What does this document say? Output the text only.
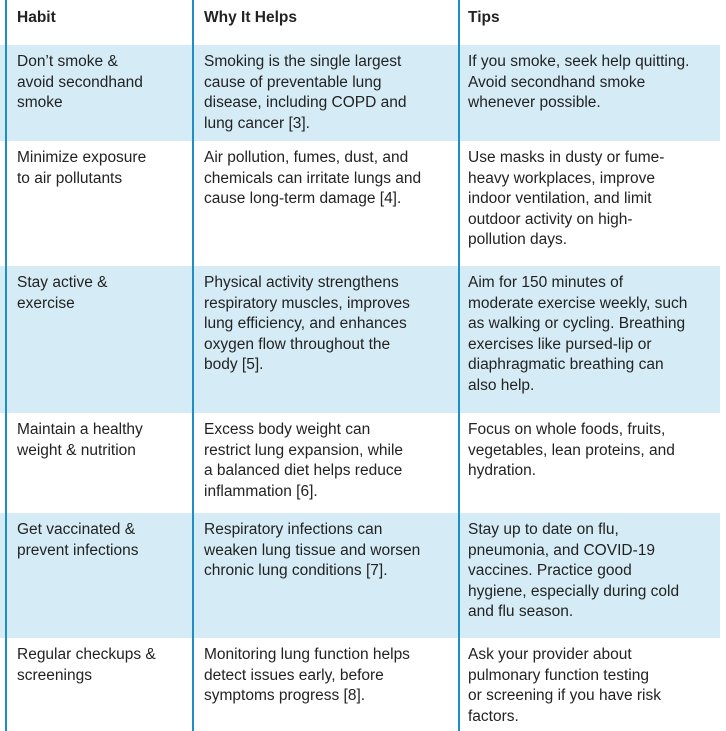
Habit	Why It Helps	Tips
Don’t smoke &
avoid secondhand
smoke
Smoking is the single largest
cause of preventable lung
disease, including COPD and
lung cancer [3].
If you smoke, seek help quitting.
Avoid secondhand smoke
whenever possible.
Minimize exposure
to air pollutants
Air pollution, fumes, dust, and
chemicals can irritate lungs and
cause long-term damage [4].
Use masks in dusty or fume-
heavy workplaces, improve
indoor ventilation, and limit
outdoor activity on high-
pollution days.
Stay active &
exercise
Physical activity strengthens
respiratory muscles, improves
lung efficiency, and enhances
oxygen flow throughout the
body [5].
Aim for 150 minutes of
moderate exercise weekly, such
as walking or cycling. Breathing
exercises like pursed-lip or
diaphragmatic breathing can
also help.
Maintain a healthy
weight & nutrition
Excess body weight can
restrict lung expansion, while
a balanced diet helps reduce
inflammation [6].
Focus on whole foods, fruits,
vegetables, lean proteins, and
hydration.
Get vaccinated &
prevent infections
Respiratory infections can
weaken lung tissue and worsen
chronic lung conditions [7].
Stay up to date on flu,
pneumonia, and COVID-19
vaccines. Practice good
hygiene, especially during cold
and flu season.
Regular checkups &
screenings
Monitoring lung function helps
detect issues early, before
symptoms progress [8].
Ask your provider about
pulmonary function testing
or screening if you have risk
factors.
